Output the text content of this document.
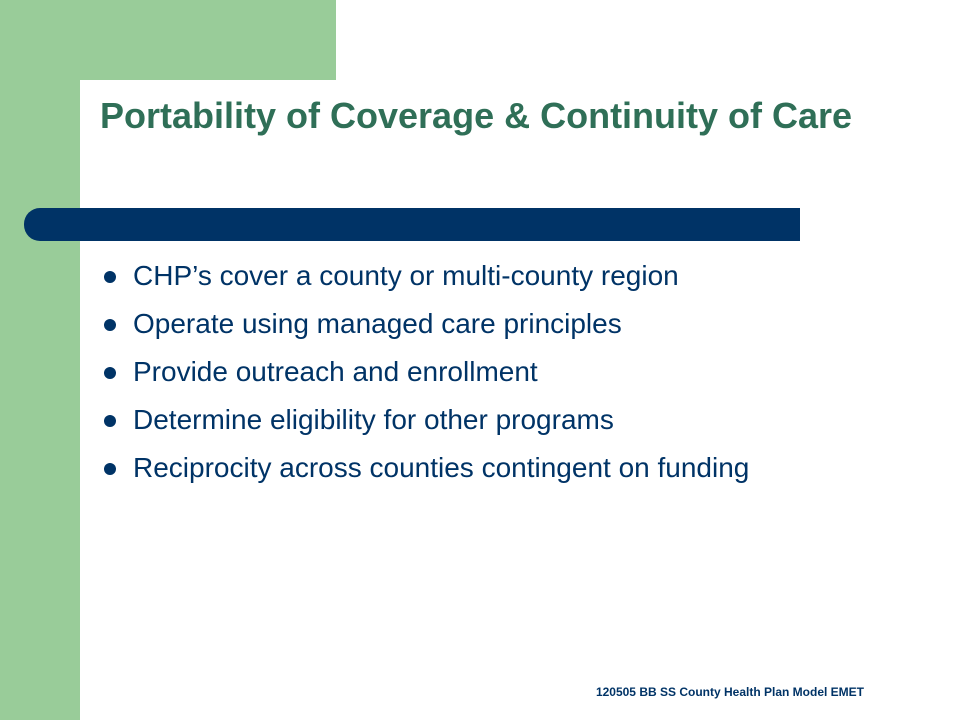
Portability of Coverage & Continuity of Care
CHP’s cover a county or multi-county region
Operate using managed care principles
Provide outreach and enrollment
Determine eligibility for other programs
Reciprocity across counties contingent on funding
120505 BB SS County Health Plan Model EMET
